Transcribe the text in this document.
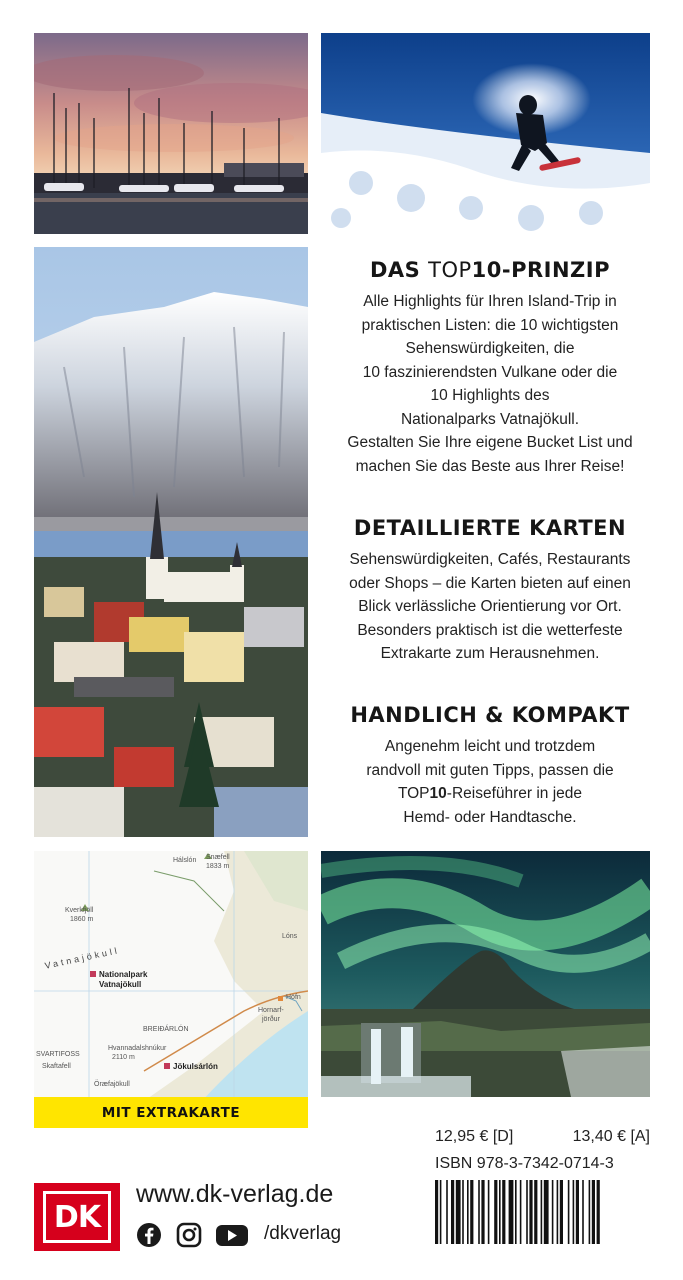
DAS TOP10-PRINZIP

Alle Highlights für Ihren Island-Trip in
praktischen Listen: die 10 wichtigsten
Sehenswürdigkeiten, die
10 faszinierendsten Vulkane oder die
10 Highlights des
Nationalparks Vatnajökull.
Gestalten Sie Ihre eigene Bucket List und
machen Sie das Beste aus Ihrer Reise!

DETAILLIERTE KARTEN

Sehenswürdigkeiten, Cafés, Restaurants
oder Shops – die Karten bieten auf einen
Blick verlässliche Orientierung vor Ort.
Besonders praktisch ist die wetterfeste
Extrakarte zum Herausnehmen.

HANDLICH & KOMPAKT

Angenehm leicht und trotzdem
randvoll mit guten Tipps, passen die
TOP10-Reiseführer in jede
Hemd- oder Handtasche.

Hálslón Snæfell
1833 m
Kverkfjöll
1860 m
Vatnajökull
Lóns
Nationalpark
Vatnajökull
Höfn
Hornarf-
jörður
BREIÐÁRLÓN
Hvannadalshnúkur
2110 m
SVARTIFOSS
Skaftafell	Jökulsárlón
Öræfajökull
MIT EXTRAKARTE
12,95 € [D]	13,40 € [A]
ISBN 978-3-7342-0714-3
DK
www.dk-verlag.de
/dkverlag
